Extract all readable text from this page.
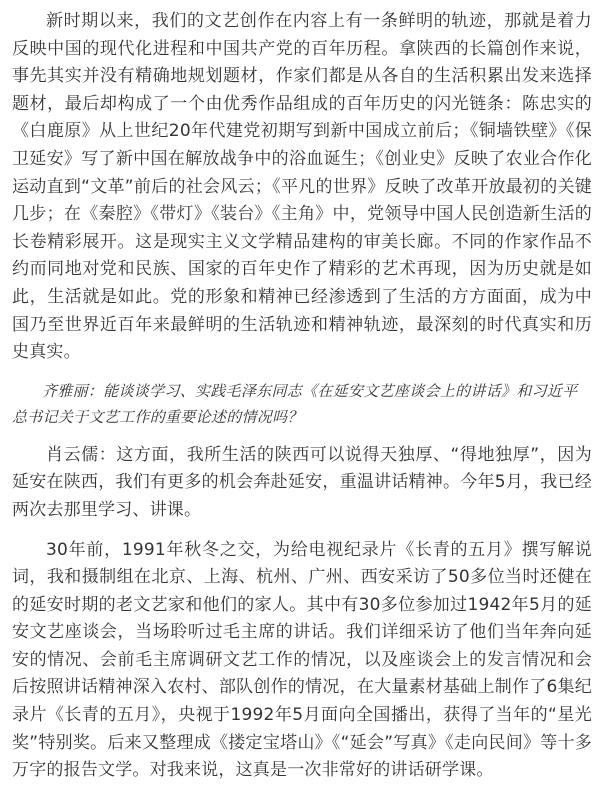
新时期以来，我们的文艺创作在内容上有一条鲜明的轨迹，那就是着力反映中国的现代化进程和中国共产党的百年历程。拿陕西的长篇创作来说，事先其实并没有精确地规划题材，作家们都是从各自的生活积累出发来选择题材，最后却构成了一个由优秀作品组成的百年历史的闪光链条：陈忠实的《白鹿原》从上世纪20年代建党初期写到新中国成立前后；《铜墙铁壁》《保卫延安》写了新中国在解放战争中的浴血诞生；《创业史》反映了农业合作化运动直到“文革”前后的社会风云；《平凡的世界》反映了改革开放最初的关键几步；在《秦腔》《带灯》《装台》《主角》中，党领导中国人民创造新生活的长卷精彩展开。这是现实主义文学精品建构的审美长廊。不同的作家作品不约而同地对党和民族、国家的百年史作了精彩的艺术再现，因为历史就是如此，生活就是如此。党的形象和精神已经渗透到了生活的方方面面，成为中国乃至世界近百年来最鲜明的生活轨迹和精神轨迹，最深刻的时代真实和历史真实。

齐雅丽：能谈谈学习、实践毛泽东同志《在延安文艺座谈会上的讲话》和习近平总书记关于文艺工作的重要论述的情况吗？

肖云儒：这方面，我所生活的陕西可以说得天独厚、“得地独厚”，因为延安在陕西，我们有更多的机会奔赴延安，重温讲话精神。今年5月，我已经两次去那里学习、讲课。

30年前，1991年秋冬之交，为给电视纪录片《长青的五月》撰写解说词，我和摄制组在北京、上海、杭州、广州、西安采访了50多位当时还健在的延安时期的老文艺家和他们的家人。其中有30多位参加过1942年5月的延安文艺座谈会，当场聆听过毛主席的讲话。我们详细采访了他们当年奔向延安的情况、会前毛主席调研文艺工作的情况，以及座谈会上的发言情况和会后按照讲话精神深入农村、部队创作的情况，在大量素材基础上制作了6集纪录片《长青的五月》，央视于1992年5月面向全国播出，获得了当年的“星光奖”特别奖。后来又整理成《搂定宝塔山》《“延会”写真》《走向民间》等十多万字的报告文学。对我来说，这真是一次非常好的讲话研学课。
